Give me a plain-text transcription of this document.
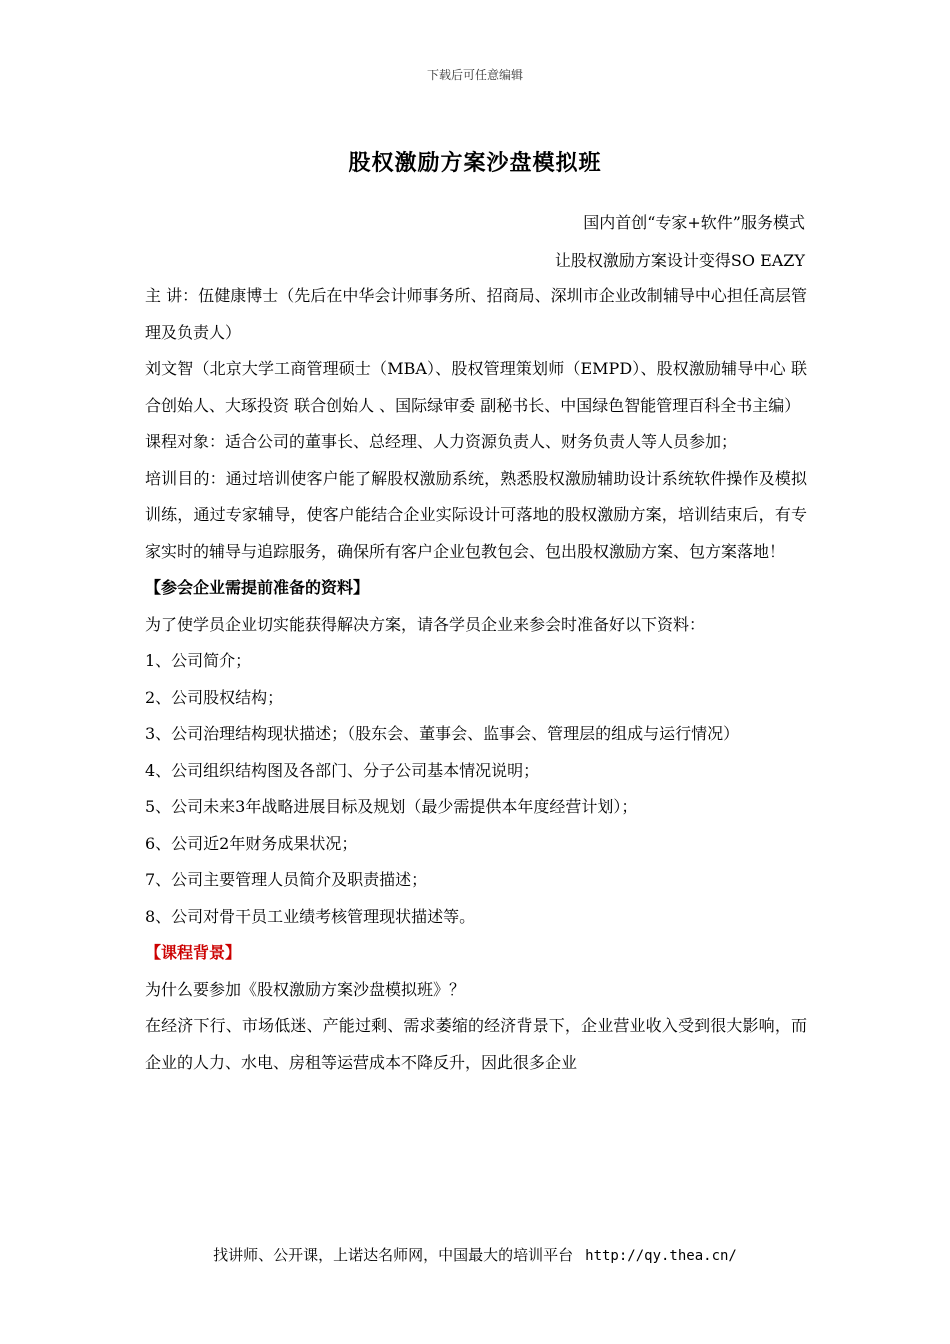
下载后可任意编辑
股权激励方案沙盘模拟班
国内首创“专家+软件”服务模式
让股权激励方案设计变得SO EAZY

主 讲：伍健康博士（先后在中华会计师事务所、招商局、深圳市企业改制辅导中心担任高层管理及负责人）

刘文智（北京大学工商管理硕士（MBA）、股权管理策划师（EMPD）、股权激励辅导中心 联合创始人、大琢投资 联合创始人 、国际绿审委 副秘书长、中国绿色智能管理百科全书主编）

课程对象：适合公司的董事长、总经理、人力资源负责人、财务负责人等人员参加；

培训目的：通过培训使客户能了解股权激励系统，熟悉股权激励辅助设计系统软件操作及模拟训练，通过专家辅导，使客户能结合企业实际设计可落地的股权激励方案，培训结束后，有专家实时的辅导与追踪服务，确保所有客户企业包教包会、包出股权激励方案、包方案落地！

【参会企业需提前准备的资料】

为了使学员企业切实能获得解决方案，请各学员企业来参会时准备好以下资料：

1、公司简介；

2、公司股权结构；

3、公司治理结构现状描述；（股东会、董事会、监事会、管理层的组成与运行情况）

4、公司组织结构图及各部门、分子公司基本情况说明；

5、公司未来3年战略进展目标及规划（最少需提供本年度经营计划）；

6、公司近2年财务成果状况；

7、公司主要管理人员简介及职责描述；

8、公司对骨干员工业绩考核管理现状描述等。

【课程背景】

为什么要参加《股权激励方案沙盘模拟班》？

在经济下行、市场低迷、产能过剩、需求萎缩的经济背景下，企业营业收入受到很大影响，而企业的人力、水电、房租等运营成本不降反升，因此很多企业

找讲师、公开课，上诺达名师网，中国最大的培训平台 http://qy.thea.cn/
